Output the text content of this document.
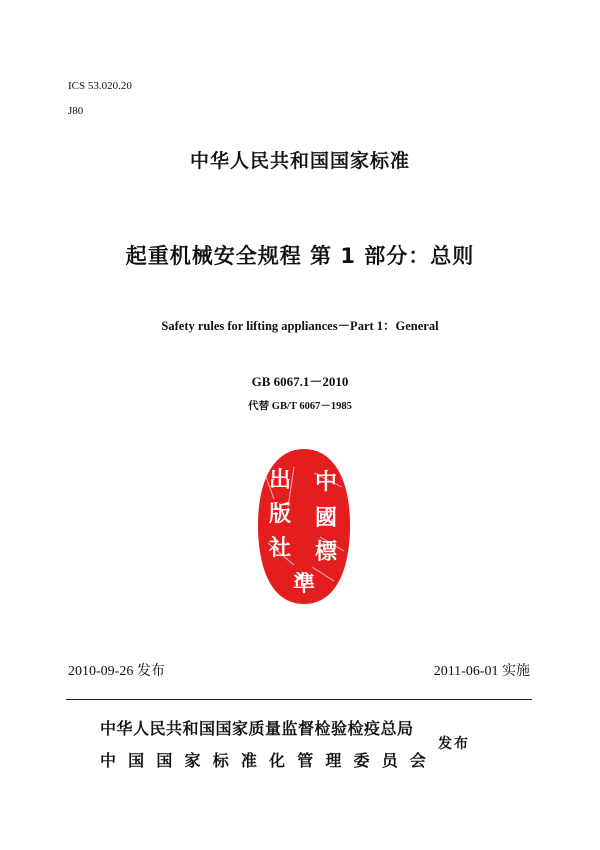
ICS 53.020.20
J80
中华人民共和国国家标准
起重机械安全规程 第 1 部分：总则
Safety rules for lifting appliances－Part 1：General
GB 6067.1－2010
代替 GB/T 6067－1985
出
版
社
中
國
標
準
2010-09-26 发布	2011-06-01 实施
中华人民共和国国家质量监督检验检疫总局
中 国 国 家 标 准 化 管 理 委 员 会
发布
